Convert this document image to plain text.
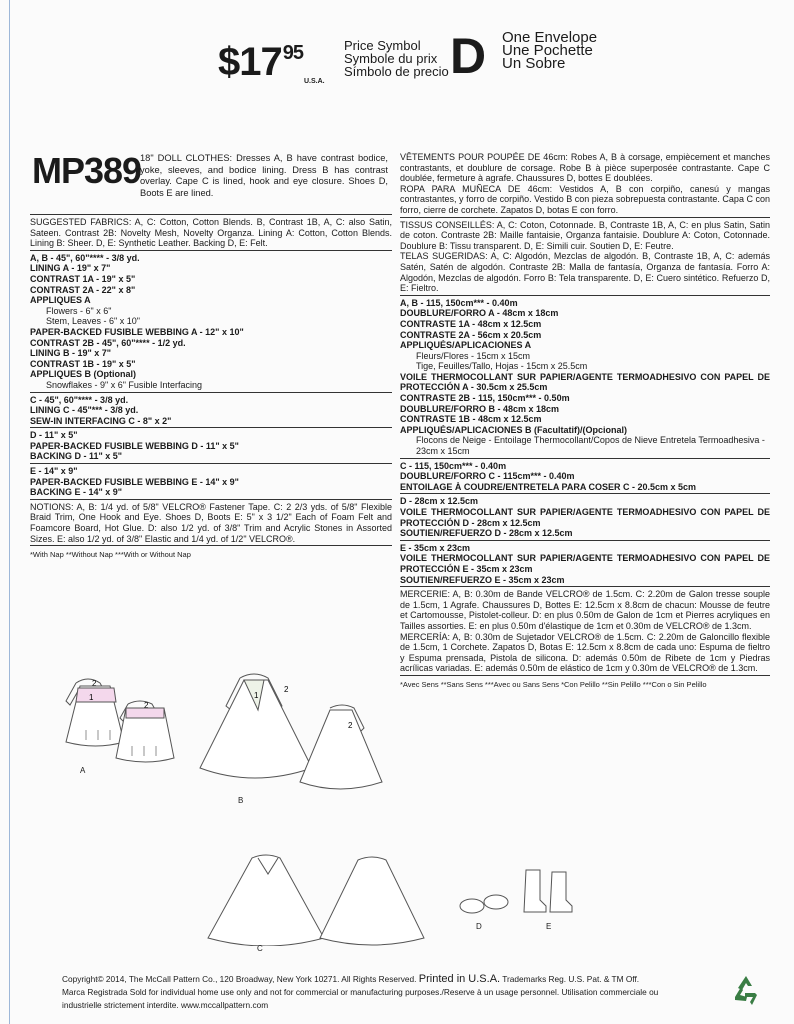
$\$17^{95}$
U.S.A.
Price Symbol
Symbole du prix
Símbolo de precio D One Envelope
Une Pochette
Un Sobre
MP389
18" DOLL CLOTHES: Dresses A, B have contrast bodice, yoke, sleeves, and bodice lining. Dress B has contrast overlay. Cape C is lined, hook and eye closure. Shoes D, Boots E are lined.
SUGGESTED FABRICS: A, C: Cotton, Cotton Blends. B, Contrast 1B, A, C: also Satin, Sateen. Contrast 2B: Novelty Mesh, Novelty Organza. Lining A: Cotton, Cotton Blends. Lining B: Sheer. D, E: Synthetic Leather. Backing D, E: Felt.
A, B - 45", 60"**** - 3/8 yd.
LINING A - 19" x 7"
CONTRAST 1A - 19" x 5"
CONTRAST 2A - 22" x 8"
APPLIQUES A
Flowers - 6" x 6"
Stem, Leaves - 6" x 10"
PAPER-BACKED FUSIBLE WEBBING A - 12" x 10"
CONTRAST 2B - 45", 60"**** - 1/2 yd.
LINING B - 19" x 7"
CONTRAST 1B - 19" x 5"
APPLIQUES B (Optional)
Snowflakes - 9" x 6" Fusible Interfacing
C - 45", 60"**** - 3/8 yd.
LINING C - 45"*** - 3/8 yd.
SEW-IN INTERFACING C - 8" x 2"
D - 11" x 5"
PAPER-BACKED FUSIBLE WEBBING D - 11" x 5"
BACKING D - 11" x 5"
E - 14" x 9"
PAPER-BACKED FUSIBLE WEBBING E - 14" x 9"
BACKING E - 14" x 9"
NOTIONS: A, B: 1/4 yd. of 5/8" VELCRO® Fastener Tape. C: 2 2/3 yds. of 5/8" Flexible Braid Trim, One Hook and Eye. Shoes D, Boots E: 5" x 3 1/2" Each of Foam Felt and Foamcore Board, Hot Glue. D: also 1/2 yd. of 3/8" Trim and Acrylic Stones in Assorted Sizes. E: also 1/2 yd. of 3/8" Elastic and 1/4 yd. of 1/2" VELCRO®.
*With Nap **Without Nap ***With or Without Nap
VÊTEMENTS POUR POUPÉE DE 46cm: Robes A, B à corsage, empiècement et manches contrastants, et doublure de corsage. Robe B à pièce superposée contrastante. Cape C doublée, fermeture à agrafe. Chaussures D, bottes E doublées.
ROPA PARA MUÑECA DE 46cm: Vestidos A, B con corpiño, canesú y mangas contrastantes, y forro de corpiño. Vestido B con pieza sobrepuesta contrastante. Capa C con forro, cierre de corchete. Zapatos D, botas E con forro.
TISSUS CONSEILLÉS: A, C: Coton, Cotonnade. B, Contraste 1B, A, C: en plus Satin, Satin de coton. Contraste 2B: Maille fantaisie, Organza fantaisie. Doublure A: Coton, Cotonnade. Doublure B: Tissu transparent. D, E: Simili cuir. Soutien D, E: Feutre.
TELAS SUGERIDAS: A, C: Algodón, Mezclas de algodón. B, Contraste 1B, A, C: además Satén, Satén de algodón. Contraste 2B: Malla de fantasía, Organza de fantasía. Forro A: Algodón, Mezclas de algodón. Forro B: Tela transparente. D, E: Cuero sintético. Refuerzo D, E: Fieltro.
A, B - 115, 150cm*** - 0.40m
DOUBLURE/FORRO A - 48cm x 18cm
CONTRASTE 1A - 48cm x 12.5cm
CONTRASTE 2A - 56cm x 20.5cm
APPLIQUÉS/APLICACIONES A
Fleurs/Flores - 15cm x 15cm
Tige, Feuilles/Tallo, Hojas - 15cm x 25.5cm
VOILE THERMOCOLLANT SUR PAPIER/AGENTE TERMOADHESIVO CON PAPEL DE PROTECCIÓN A - 30.5cm x 25.5cm
CONTRASTE 2B - 115, 150cm*** - 0.50m
DOUBLURE/FORRO B - 48cm x 18cm
CONTRASTE 1B - 48cm x 12.5cm
APPLIQUÉS/APLICACIONES B (Facultatif)/(Opcional)
Flocons de Neige - Entoilage Thermocollant/Copos de Nieve Entretela Termoadhesiva - 23cm x 15cm
C - 115, 150cm*** - 0.40m
DOUBLURE/FORRO C - 115cm*** - 0.40m
ENTOILAGE À COUDRE/ENTRETELA PARA COSER C - 20.5cm x 5cm
D - 28cm x 12.5cm
VOILE THERMOCOLLANT SUR PAPIER/AGENTE TERMOADHESIVO CON PAPEL DE PROTECCIÓN D - 28cm x 12.5cm
SOUTIEN/REFUERZO D - 28cm x 12.5cm
E - 35cm x 23cm
VOILE THERMOCOLLANT SUR PAPIER/AGENTE TERMOADHESIVO CON PAPEL DE PROTECCIÓN E - 35cm x 23cm
SOUTIEN/REFUERZO E - 35cm x 23cm
MERCERIE: A, B: 0.30m de Bande VELCRO® de 1.5cm. C: 2.20m de Galon tresse souple de 1.5cm, 1 Agrafe. Chaussures D, Bottes E: 12.5cm x 8.8cm de chacun: Mousse de feutre et Cartomousse, Pistolet-colleur. D: en plus 0.50m de Galon de 1cm et Pierres acryliques en Tailles assorties. E: en plus 0.50m d'élastique de 1cm et 0.30m de VELCRO® de 1.3cm.
MERCERÍA: A, B: 0.30m de Sujetador VELCRO® de 1.5cm. C: 2.20m de Galoncillo flexible de 1.5cm, 1 Corchete. Zapatos D, Botas E: 12.5cm x 8.8cm de cada uno: Espuma de fieltro y Espuma prensada, Pistola de silicona. D: además 0.50m de Ribete de 1cm y Piedras acrílicas variadas. E: además 0.50m de elástico de 1cm y 0.30m de VELCRO® de 1.3cm.
*Avec Sens **Sans Sens ***Avec ou Sans Sens *Con Pelillo **Sin Pelillo ***Con o Sin Pelillo
1
2
2
A
1
2
2
B
C
D	E
Copyright© 2014, The McCall Pattern Co., 120 Broadway, New York 10271. All Rights Reserved. Printed in U.S.A. Trademarks Reg. U.S. Pat. & TM Off.
Marca Registrada Sold for individual home use only and not for commercial or manufacturing purposes./Reserve à un usage personnel. Utilisation commerciale ou
industrielle strictement interdite. www.mccallpattern.com
